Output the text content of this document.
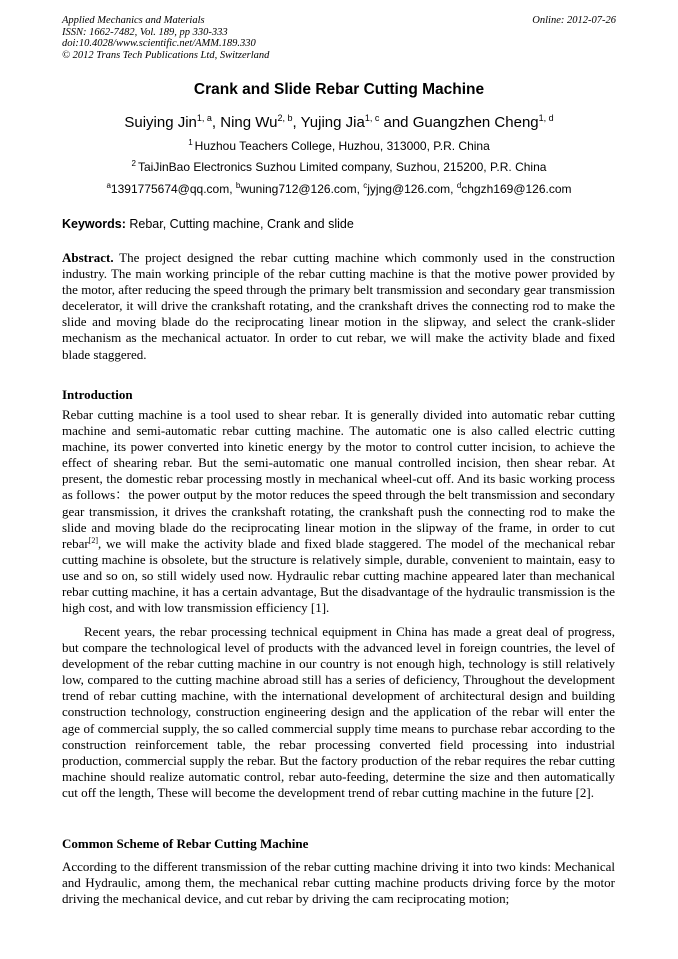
Applied Mechanics and Materials
ISSN: 1662-7482, Vol. 189, pp 330-333
doi:10.4028/www.scientific.net/AMM.189.330
© 2012 Trans Tech Publications Ltd, Switzerland
Online: 2012-07-26
Crank and Slide Rebar Cutting Machine
Suiying Jin$^{1, a}$, Ning Wu$^{2, b}$, Yujing Jia$^{1, c}$ and Guangzhen Cheng$^{1, d}$
$^1$ Huzhou Teachers College, Huzhou, 313000, P.R. China
$^2$ TaiJinBao Electronics Suzhou Limited company, Suzhou, 215200, P.R. China
$^a$1391775674@qq.com, $^b$wuning712@126.com, $^c$jyjng@126.com, $^d$chgzh169@126.com
Keywords: Rebar, Cutting machine, Crank and slide
Abstract. The project designed the rebar cutting machine which commonly used in the construction industry. The main working principle of the rebar cutting machine is that the motive power provided by the motor, after reducing the speed through the primary belt transmission and secondary gear transmission decelerator, it will drive the crankshaft rotating, and the crankshaft drives the connecting rod to make the slide and moving blade do the reciprocating linear motion in the slipway, and select the crank-slider mechanism as the mechanical actuator. In order to cut rebar, we will make the activity blade and fixed blade staggered.
Introduction
Rebar cutting machine is a tool used to shear rebar. It is generally divided into automatic rebar cutting machine and semi-automatic rebar cutting machine. The automatic one is also called electric cutting machine, its power converted into kinetic energy by the motor to control cutter incision, to achieve the effect of shearing rebar. But the semi-automatic one manual controlled incision, then shear rebar. At present, the domestic rebar processing mostly in mechanical wheel-cut off. And its basic working process as follows：the power output by the motor reduces the speed through the belt transmission and secondary gear transmission, it drives the crankshaft rotating, the crankshaft push the connecting rod to make the slide and moving blade do the reciprocating linear motion in the slipway of the frame, in order to cut rebar[2], we will make the activity blade and fixed blade staggered. The model of the mechanical rebar cutting machine is obsolete, but the structure is relatively simple, durable, convenient to maintain, easy to use and so on, so still widely used now. Hydraulic rebar cutting machine appeared later than mechanical rebar cutting machine, it has a certain advantage, But the disadvantage of the hydraulic transmission is the high cost, and with low transmission efficiency [1].
Recent years, the rebar processing technical equipment in China has made a great deal of progress, but compare the technological level of products with the advanced level in foreign countries, the level of development of the rebar cutting machine in our country is not enough high, technology is still relatively low, compared to the cutting machine abroad still has a series of deficiency, Throughout the development trend of rebar cutting machine, with the international development of architectural design and building construction technology, construction engineering design and the application of the rebar will enter the age of commercial supply, the so called commercial supply time means to purchase rebar according to the construction reinforcement table, the rebar processing converted field processing into industrial production, commercial supply the rebar. But the factory production of the rebar requires the rebar cutting machine should realize automatic control, rebar auto-feeding, determine the size and then automatically cut off the length, These will become the development trend of rebar cutting machine in the future [2].
Common Scheme of Rebar Cutting Machine
According to the different transmission of the rebar cutting machine driving it into two kinds: Mechanical and Hydraulic, among them, the mechanical rebar cutting machine products driving force by the motor driving the mechanical device, and cut rebar by driving the cam reciprocating motion;
